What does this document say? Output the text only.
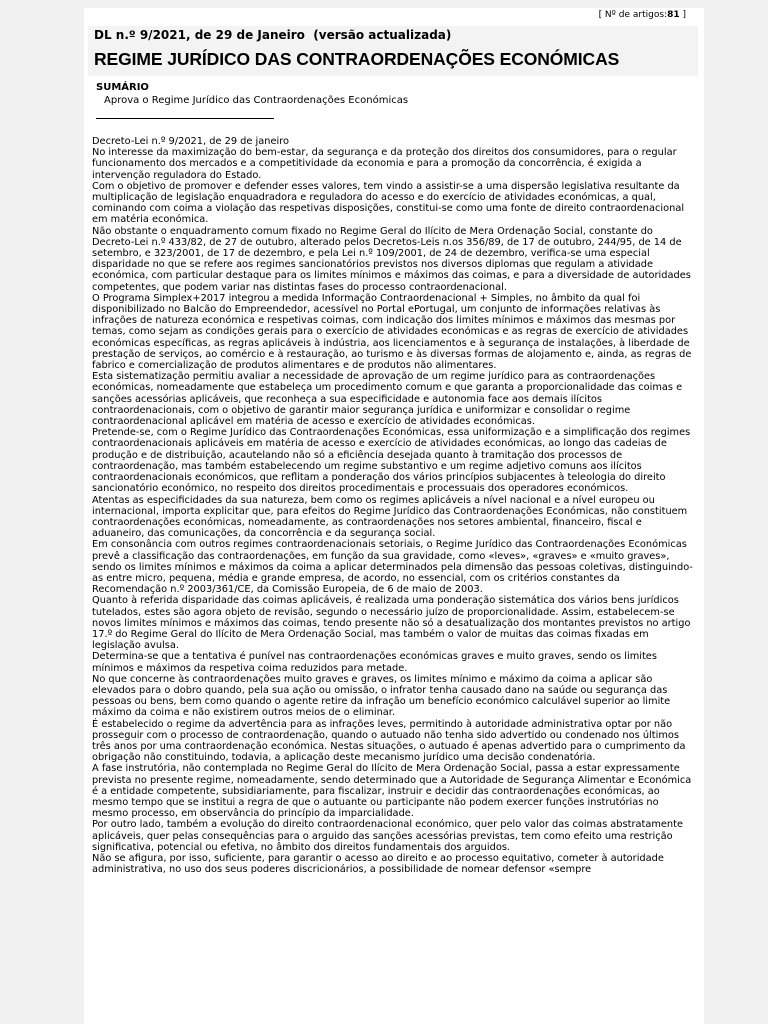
[ Nº de artigos:81 ]
DL n.º 9/2021, de 29 de Janeiro (versão actualizada)
REGIME JURÍDICO DAS CONTRAORDENAÇÕES ECONÓMICAS
SUMÁRIO
Aprova o Regime Jurídico das Contraordenações Económicas

Decreto-Lei n.º 9/2021, de 29 de janeiro

No interesse da maximização do bem-estar, da segurança e da proteção dos direitos dos consumidores, para o regular funcionamento dos mercados e a competitividade da economia e para a promoção da concorrência, é exigida a intervenção reguladora do Estado.

Com o objetivo de promover e defender esses valores, tem vindo a assistir-se a uma dispersão legislativa resultante da multiplicação de legislação enquadradora e reguladora do acesso e do exercício de atividades económicas, a qual, cominando com coima a violação das respetivas disposições, constitui-se como uma fonte de direito contraordenacional em matéria económica.

Não obstante o enquadramento comum fixado no Regime Geral do Ilícito de Mera Ordenação Social, constante do Decreto-Lei n.º 433/82, de 27 de outubro, alterado pelos Decretos-Leis n.os 356/89, de 17 de outubro, 244/95, de 14 de setembro, e 323/2001, de 17 de dezembro, e pela Lei n.º 109/2001, de 24 de dezembro, verifica-se uma especial disparidade no que se refere aos regimes sancionatórios previstos nos diversos diplomas que regulam a atividade económica, com particular destaque para os limites mínimos e máximos das coimas, e para a diversidade de autoridades competentes, que podem variar nas distintas fases do processo contraordenacional.

O Programa Simplex+2017 integrou a medida Informação Contraordenacional + Simples, no âmbito da qual foi disponibilizado no Balcão do Empreendedor, acessível no Portal ePortugal, um conjunto de informações relativas às infrações de natureza económica e respetivas coimas, com indicação dos limites mínimos e máximos das mesmas por temas, como sejam as condições gerais para o exercício de atividades económicas e as regras de exercício de atividades económicas específicas, as regras aplicáveis à indústria, aos licenciamentos e à segurança de instalações, à liberdade de prestação de serviços, ao comércio e à restauração, ao turismo e às diversas formas de alojamento e, ainda, as regras de fabrico e comercialização de produtos alimentares e de produtos não alimentares.

Esta sistematização permitiu avaliar a necessidade de aprovação de um regime jurídico para as contraordenações económicas, nomeadamente que estabeleça um procedimento comum e que garanta a proporcionalidade das coimas e sanções acessórias aplicáveis, que reconheça a sua especificidade e autonomia face aos demais ilícitos contraordenacionais, com o objetivo de garantir maior segurança jurídica e uniformizar e consolidar o regime contraordenacional aplicável em matéria de acesso e exercício de atividades económicas.

Pretende-se, com o Regime Jurídico das Contraordenações Económicas, essa uniformização e a simplificação dos regimes contraordenacionais aplicáveis em matéria de acesso e exercício de atividades económicas, ao longo das cadeias de produção e de distribuição, acautelando não só a eficiência desejada quanto à tramitação dos processos de contraordenação, mas também estabelecendo um regime substantivo e um regime adjetivo comuns aos ilícitos contraordenacionais económicos, que reflitam a ponderação dos vários princípios subjacentes à teleologia do direito sancionatório económico, no respeito dos direitos procedimentais e processuais dos operadores económicos.

Atentas as especificidades da sua natureza, bem como os regimes aplicáveis a nível nacional e a nível europeu ou internacional, importa explicitar que, para efeitos do Regime Jurídico das Contraordenações Económicas, não constituem contraordenações económicas, nomeadamente, as contraordenações nos setores ambiental, financeiro, fiscal e aduaneiro, das comunicações, da concorrência e da segurança social.

Em consonância com outros regimes contraordenacionais setoriais, o Regime Jurídico das Contraordenações Económicas prevê a classificação das contraordenações, em função da sua gravidade, como «leves», «graves» e «muito graves», sendo os limites mínimos e máximos da coima a aplicar determinados pela dimensão das pessoas coletivas, distinguindo-as entre micro, pequena, média e grande empresa, de acordo, no essencial, com os critérios constantes da Recomendação n.º 2003/361/CE, da Comissão Europeia, de 6 de maio de 2003.

Quanto à referida disparidade das coimas aplicáveis, é realizada uma ponderação sistemática dos vários bens jurídicos tutelados, estes são agora objeto de revisão, segundo o necessário juízo de proporcionalidade. Assim, estabelecem-se novos limites mínimos e máximos das coimas, tendo presente não só a desatualização dos montantes previstos no artigo 17.º do Regime Geral do Ilícito de Mera Ordenação Social, mas também o valor de muitas das coimas fixadas em legislação avulsa.

Determina-se que a tentativa é punível nas contraordenações económicas graves e muito graves, sendo os limites mínimos e máximos da respetiva coima reduzidos para metade.

No que concerne às contraordenações muito graves e graves, os limites mínimo e máximo da coima a aplicar são elevados para o dobro quando, pela sua ação ou omissão, o infrator tenha causado dano na saúde ou segurança das pessoas ou bens, bem como quando o agente retire da infração um benefício económico calculável superior ao limite máximo da coima e não existirem outros meios de o eliminar.

É estabelecido o regime da advertência para as infrações leves, permitindo à autoridade administrativa optar por não prosseguir com o processo de contraordenação, quando o autuado não tenha sido advertido ou condenado nos últimos três anos por uma contraordenação económica. Nestas situações, o autuado é apenas advertido para o cumprimento da obrigação não constituindo, todavia, a aplicação deste mecanismo jurídico uma decisão condenatória.

A fase instrutória, não contemplada no Regime Geral do Ilícito de Mera Ordenação Social, passa a estar expressamente prevista no presente regime, nomeadamente, sendo determinado que a Autoridade de Segurança Alimentar e Económica é a entidade competente, subsidiariamente, para fiscalizar, instruir e decidir das contraordenações económicas, ao mesmo tempo que se institui a regra de que o autuante ou participante não podem exercer funções instrutórias no mesmo processo, em observância do princípio da imparcialidade.

Por outro lado, também a evolução do direito contraordenacional económico, quer pelo valor das coimas abstratamente aplicáveis, quer pelas consequências para o arguido das sanções acessórias previstas, tem como efeito uma restrição significativa, potencial ou efetiva, no âmbito dos direitos fundamentais dos arguidos.

Não se afigura, por isso, suficiente, para garantir o acesso ao direito e ao processo equitativo, cometer à autoridade administrativa, no uso dos seus poderes discricionários, a possibilidade de nomear defensor «sempre
